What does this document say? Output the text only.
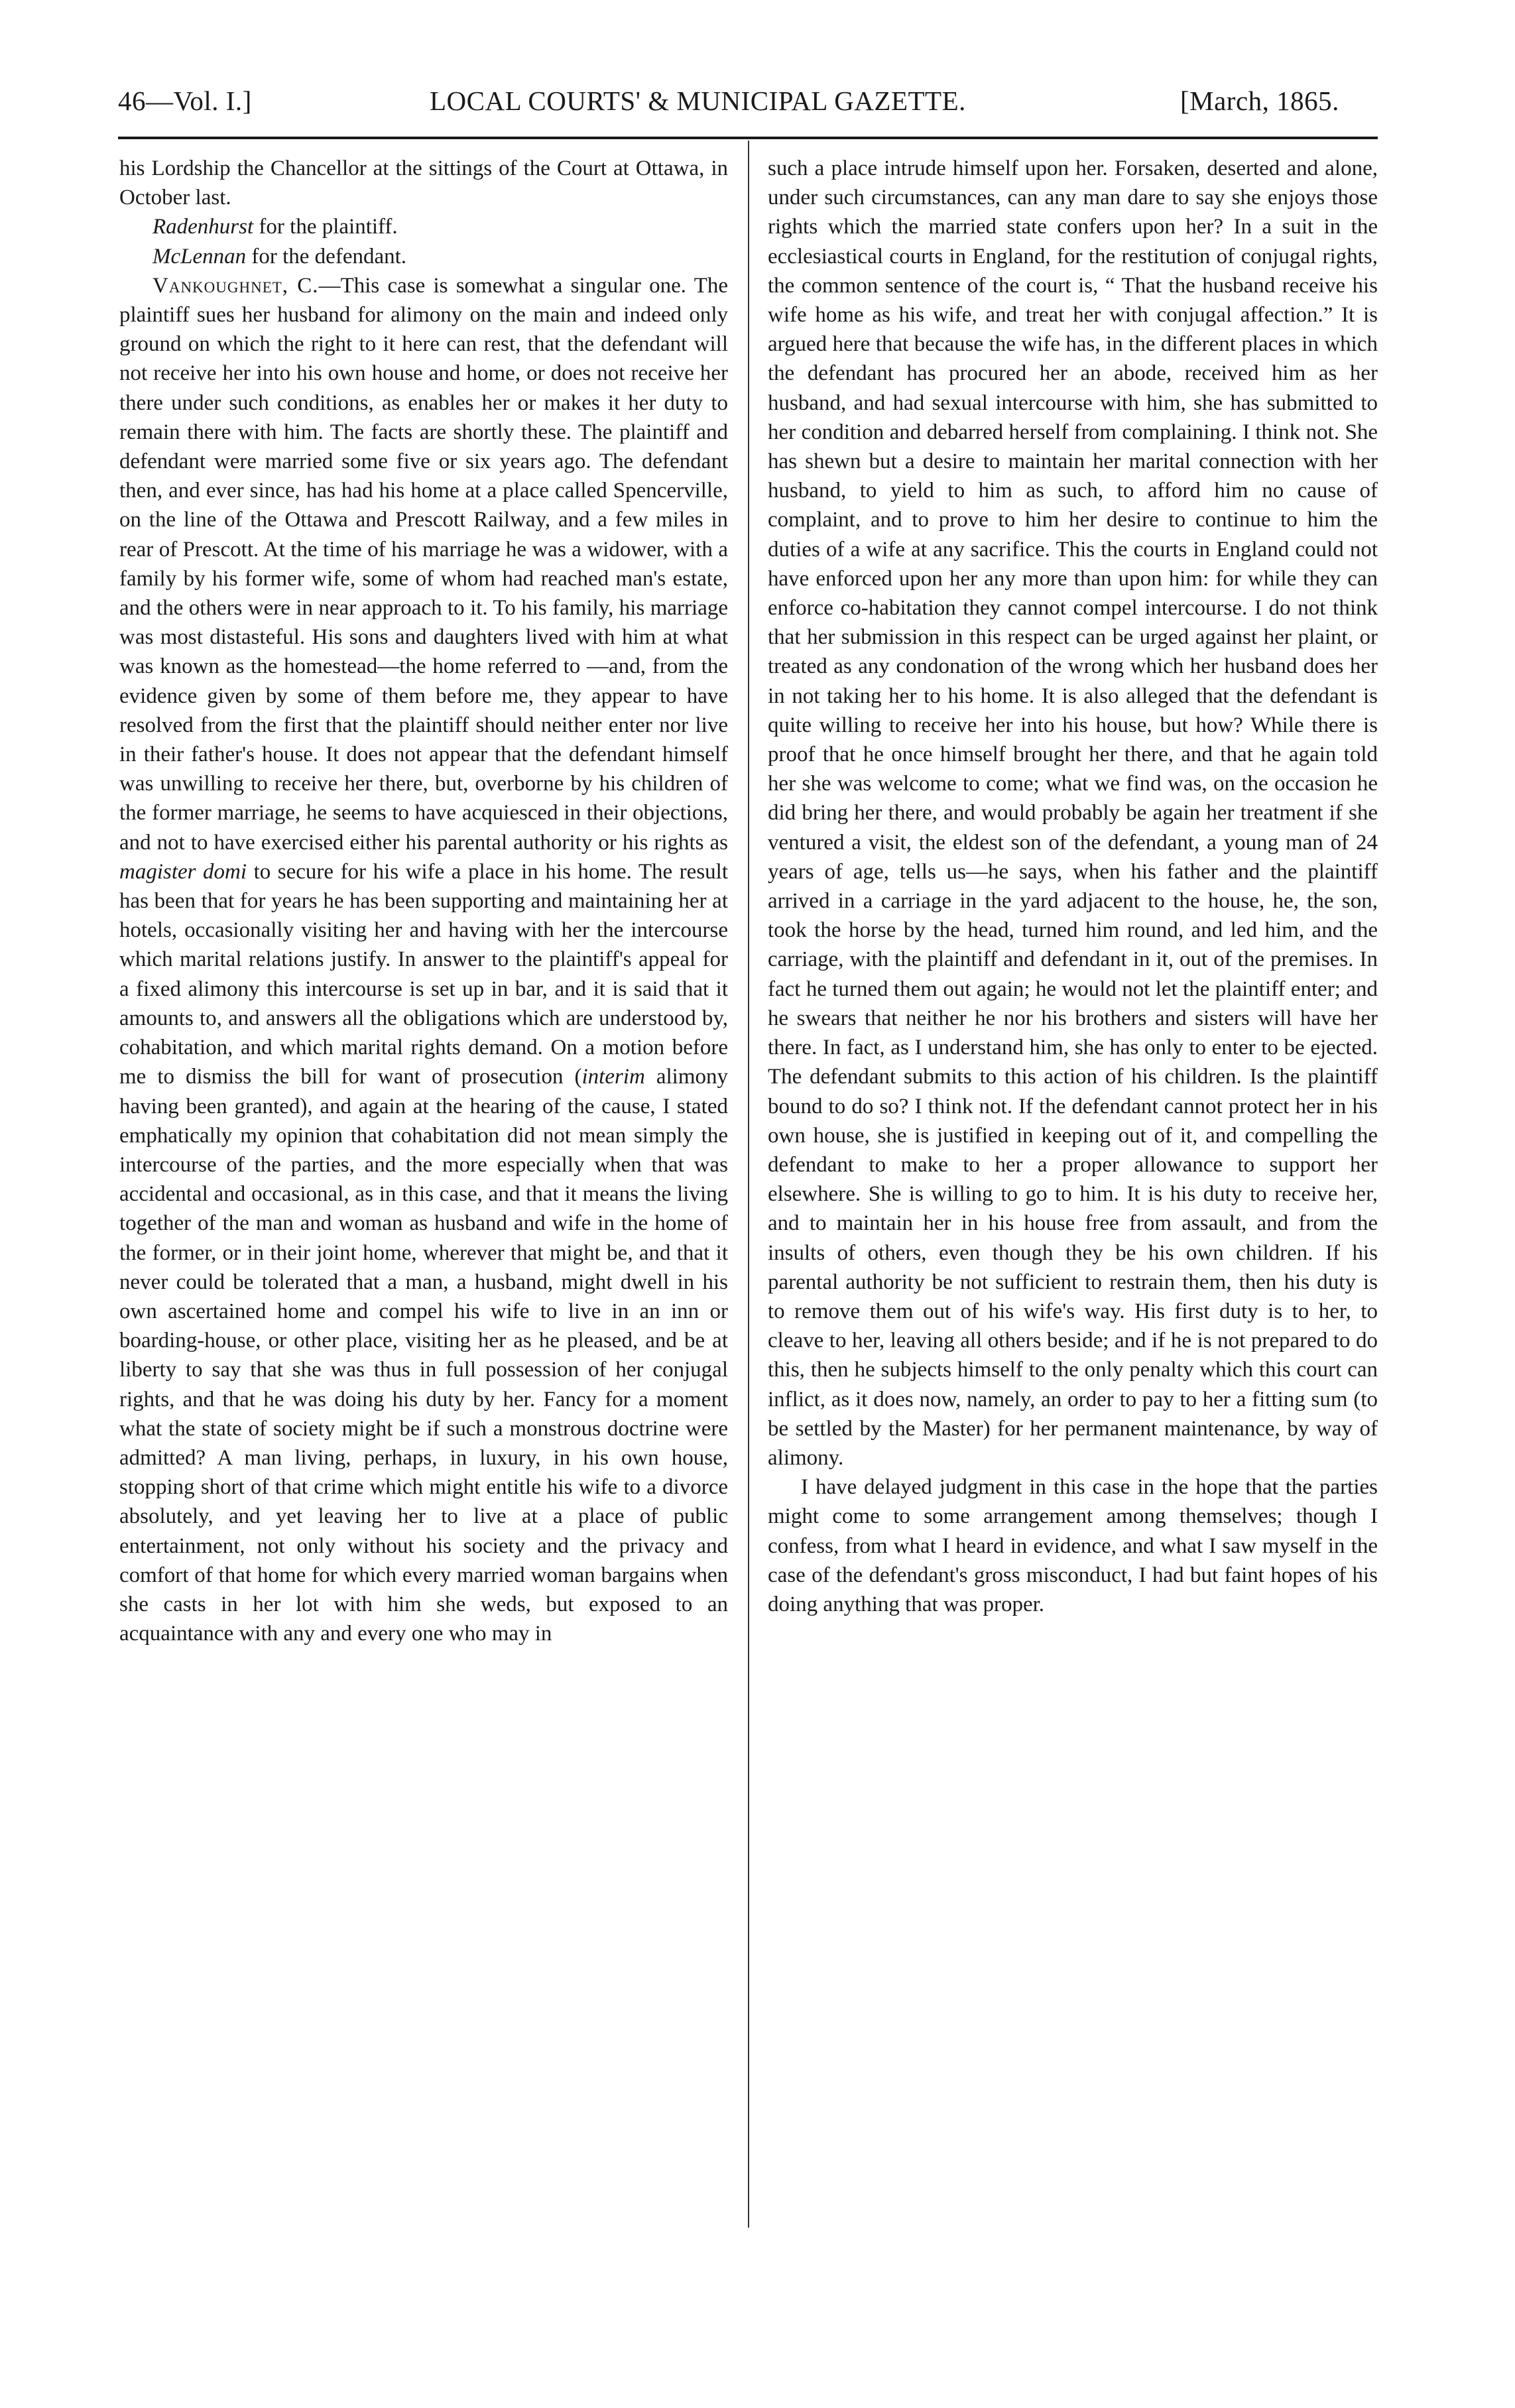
46—Vol. I.]	LOCAL COURTS' & MUNICIPAL GAZETTE.	[March, 1865.

his Lordship the Chancellor at the sittings of the Court at Ottawa, in October last.

Radenhurst for the plaintiff.

McLennan for the defendant.

Vankoughnet, C.—This case is somewhat a singular one. The plaintiff sues her husband for alimony on the main and indeed only ground on which the right to it here can rest, that the defendant will not receive her into his own house and home, or does not receive her there under such conditions, as enables her or makes it her duty to remain there with him. The facts are shortly these. The plaintiff and defendant were married some five or six years ago. The defendant then, and ever since, has had his home at a place called Spencerville, on the line of the Ottawa and Prescott Railway, and a few miles in rear of Prescott. At the time of his marriage he was a widower, with a family by his former wife, some of whom had reached man's estate, and the others were in near approach to it. To his family, his marriage was most distasteful. His sons and daughters lived with him at what was known as the homestead—the home referred to —and, from the evidence given by some of them before me, they appear to have resolved from the first that the plaintiff should neither enter nor live in their father's house. It does not appear that the defendant himself was unwilling to receive her there, but, overborne by his children of the former marriage, he seems to have acquiesced in their objections, and not to have exercised either his parental authority or his rights as magister domi to secure for his wife a place in his home. The result has been that for years he has been supporting and maintaining her at hotels, occasionally visiting her and having with her the intercourse which marital relations justify. In answer to the plaintiff's appeal for a fixed alimony this intercourse is set up in bar, and it is said that it amounts to, and answers all the obligations which are understood by, cohabitation, and which marital rights demand. On a motion before me to dismiss the bill for want of prosecution (interim alimony having been granted), and again at the hearing of the cause, I stated emphatically my opinion that cohabitation did not mean simply the intercourse of the parties, and the more especially when that was accidental and occasional, as in this case, and that it means the living together of the man and woman as husband and wife in the home of the former, or in their joint home, wherever that might be, and that it never could be tolerated that a man, a husband, might dwell in his own ascertained home and compel his wife to live in an inn or boarding-house, or other place, visiting her as he pleased, and be at liberty to say that she was thus in full possession of her conjugal rights, and that he was doing his duty by her. Fancy for a moment what the state of society might be if such a monstrous doctrine were admitted? A man living, perhaps, in luxury, in his own house, stopping short of that crime which might entitle his wife to a divorce absolutely, and yet leaving her to live at a place of public entertainment, not only without his society and the privacy and comfort of that home for which every married woman bargains when she casts in her lot with him she weds, but exposed to an acquaintance with any and every one who may in

such a place intrude himself upon her. Forsaken, deserted and alone, under such circumstances, can any man dare to say she enjoys those rights which the married state confers upon her? In a suit in the ecclesiastical courts in England, for the restitution of conjugal rights, the common sentence of the court is, “ That the husband receive his wife home as his wife, and treat her with conjugal affection.” It is argued here that because the wife has, in the different places in which the defendant has procured her an abode, received him as her husband, and had sexual intercourse with him, she has submitted to her condition and debarred herself from complaining. I think not. She has shewn but a desire to maintain her marital connection with her husband, to yield to him as such, to afford him no cause of complaint, and to prove to him her desire to continue to him the duties of a wife at any sacrifice. This the courts in England could not have enforced upon her any more than upon him: for while they can enforce co-habitation they cannot compel intercourse. I do not think that her submission in this respect can be urged against her plaint, or treated as any condonation of the wrong which her husband does her in not taking her to his home. It is also alleged that the defendant is quite willing to receive her into his house, but how? While there is proof that he once himself brought her there, and that he again told her she was welcome to come; what we find was, on the occasion he did bring her there, and would probably be again her treatment if she ventured a visit, the eldest son of the defendant, a young man of 24 years of age, tells us—he says, when his father and the plaintiff arrived in a carriage in the yard adjacent to the house, he, the son, took the horse by the head, turned him round, and led him, and the carriage, with the plaintiff and defendant in it, out of the premises. In fact he turned them out again; he would not let the plaintiff enter; and he swears that neither he nor his brothers and sisters will have her there. In fact, as I understand him, she has only to enter to be ejected. The defendant submits to this action of his children. Is the plaintiff bound to do so? I think not. If the defendant cannot protect her in his own house, she is justified in keeping out of it, and compelling the defendant to make to her a proper allowance to support her elsewhere. She is willing to go to him. It is his duty to receive her, and to maintain her in his house free from assault, and from the insults of others, even though they be his own children. If his parental authority be not sufficient to restrain them, then his duty is to remove them out of his wife's way. His first duty is to her, to cleave to her, leaving all others beside; and if he is not prepared to do this, then he subjects himself to the only penalty which this court can inflict, as it does now, namely, an order to pay to her a fitting sum (to be settled by the Master) for her permanent maintenance, by way of alimony.

I have delayed judgment in this case in the hope that the parties might come to some arrangement among themselves; though I confess, from what I heard in evidence, and what I saw myself in the case of the defendant's gross misconduct, I had but faint hopes of his doing anything that was proper.
